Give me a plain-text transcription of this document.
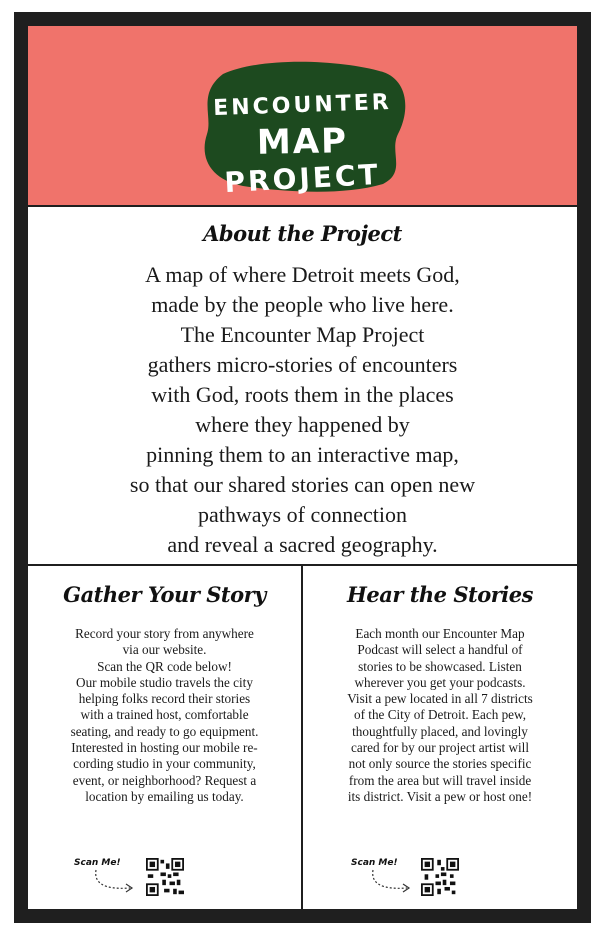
ENCOUNTER
MAP
PROJECT
About the Project
A map of where Detroit meets God,
made by the people who live here.
The Encounter Map Project
gathers micro-stories of encounters
with God, roots them in the places
where they happened by
pinning them to an interactive map,
so that our shared stories can open new
pathways of connection
and reveal a sacred geography.
Gather Your Story
Record your story from anywhere
via our website.
Scan the QR code below!
Our mobile studio travels the city
helping folks record their stories
with a trained host, comfortable
seating, and ready to go equipment.
Interested in hosting our mobile re-
cording studio in your community,
event, or neighborhood? Request a
location by emailing us today.
Scan Me!
Hear the Stories
Each month our Encounter Map
Podcast will select a handful of
stories to be showcased. Listen
wherever you get your podcasts.
Visit a pew located in all 7 districts
of the City of Detroit. Each pew,
thoughtfully placed, and lovingly
cared for by our project artist will
not only source the stories specific
from the area but will travel inside
its district. Visit a pew or host one!
Scan Me!
